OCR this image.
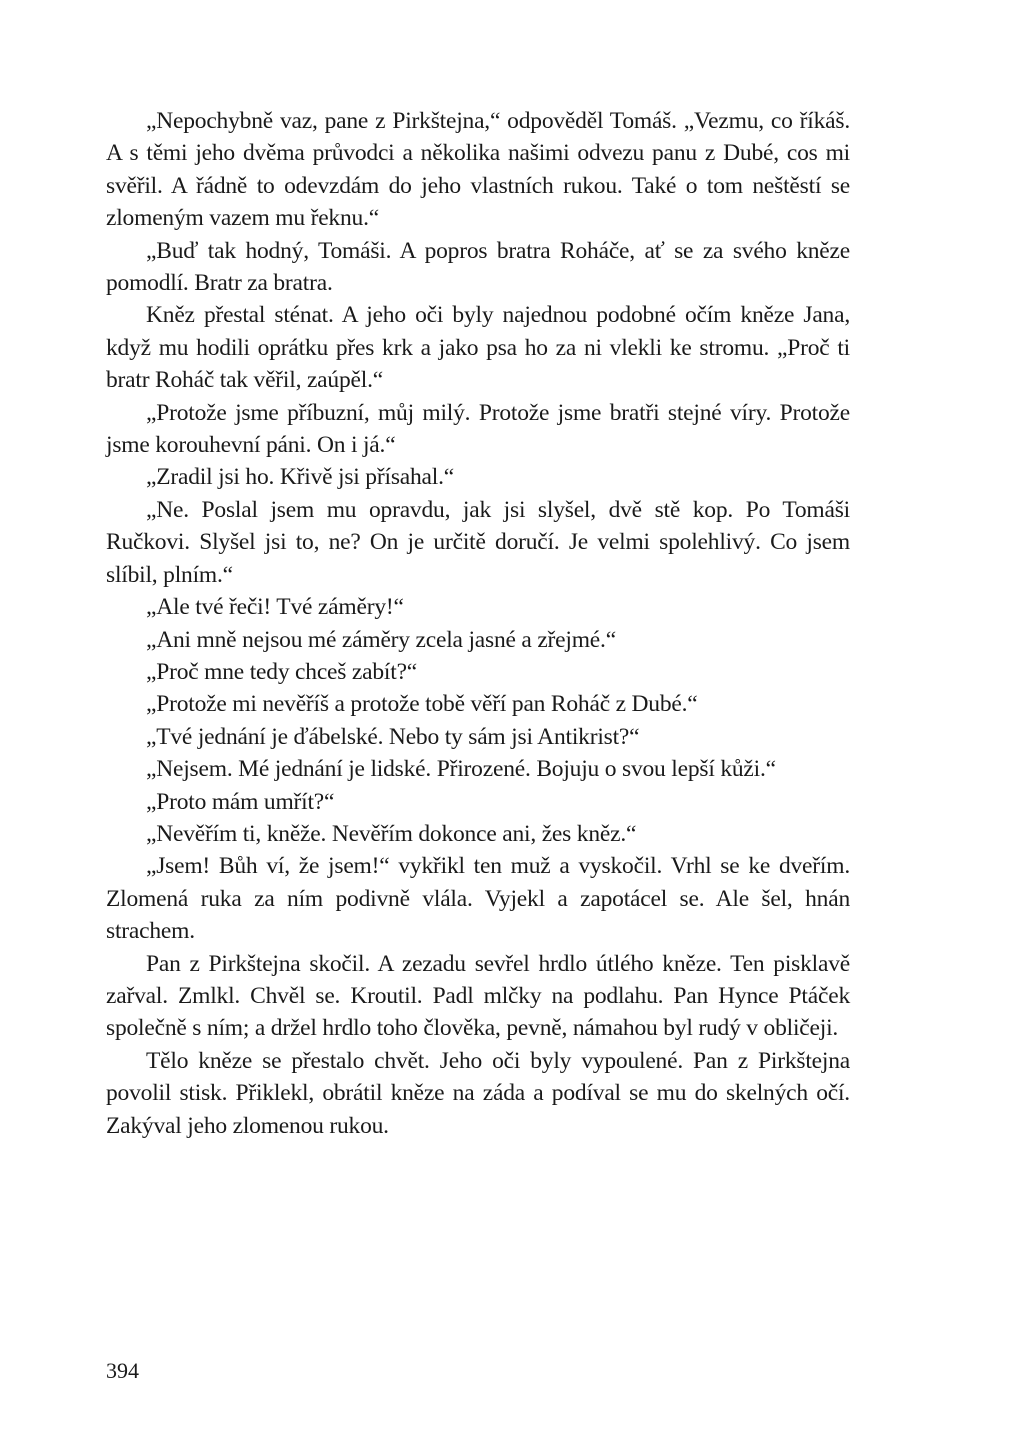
„Nepochybně vaz, pane z Pirkštejna,“ odpověděl Tomáš. „Vezmu, co říkáš. A s těmi jeho dvěma průvodci a několika našimi odvezu panu z Dubé, cos mi svěřil. A řádně to odevzdám do jeho vlastních rukou. Také o tom neštěstí se zlomeným vazem mu řeknu.“

„Buď tak hodný, Tomáši. A popros bratra Roháče, ať se za svého kněze pomodlí. Bratr za bratra.

Kněz přestal sténat. A jeho oči byly najednou podobné očím kněze Jana, když mu hodili oprátku přes krk a jako psa ho za ni vlekli ke stromu. „Proč ti bratr Roháč tak věřil, zaúpěl.“

„Protože jsme příbuzní, můj milý. Protože jsme bratři stejné víry. Protože jsme korouhevní páni. On i já.“

„Zradil jsi ho. Křivě jsi přísahal.“

„Ne. Poslal jsem mu opravdu, jak jsi slyšel, dvě stě kop. Po Tomáši Ručkovi. Slyšel jsi to, ne? On je určitě doručí. Je velmi spolehlivý. Co jsem slíbil, plním.“

„Ale tvé řeči! Tvé záměry!“

„Ani mně nejsou mé záměry zcela jasné a zřejmé.“

„Proč mne tedy chceš zabít?“

„Protože mi nevěříš a protože tobě věří pan Roháč z Dubé.“

„Tvé jednání je ďábelské. Nebo ty sám jsi Antikrist?“

„Nejsem. Mé jednání je lidské. Přirozené. Bojuju o svou lepší kůži.“

„Proto mám umřít?“

„Nevěřím ti, kněže. Nevěřím dokonce ani, žes kněz.“

„Jsem! Bůh ví, že jsem!“ vykřikl ten muž a vyskočil. Vrhl se ke dveřím. Zlomená ruka za ním podivně vlála. Vyjekl a zapotácel se. Ale šel, hnán strachem.

Pan z Pirkštejna skočil. A zezadu sevřel hrdlo útlého kněze. Ten pisklavě zařval. Zmlkl. Chvěl se. Kroutil. Padl mlčky na podlahu. Pan Hynce Ptáček společně s ním; a držel hrdlo toho člověka, pevně, námahou byl rudý v obličeji.

Tělo kněze se přestalo chvět. Jeho oči byly vypoulené. Pan z Pirkštejna povolil stisk. Přiklekl, obrátil kněze na záda a podíval se mu do skelných očí. Zakýval jeho zlomenou rukou.

394
